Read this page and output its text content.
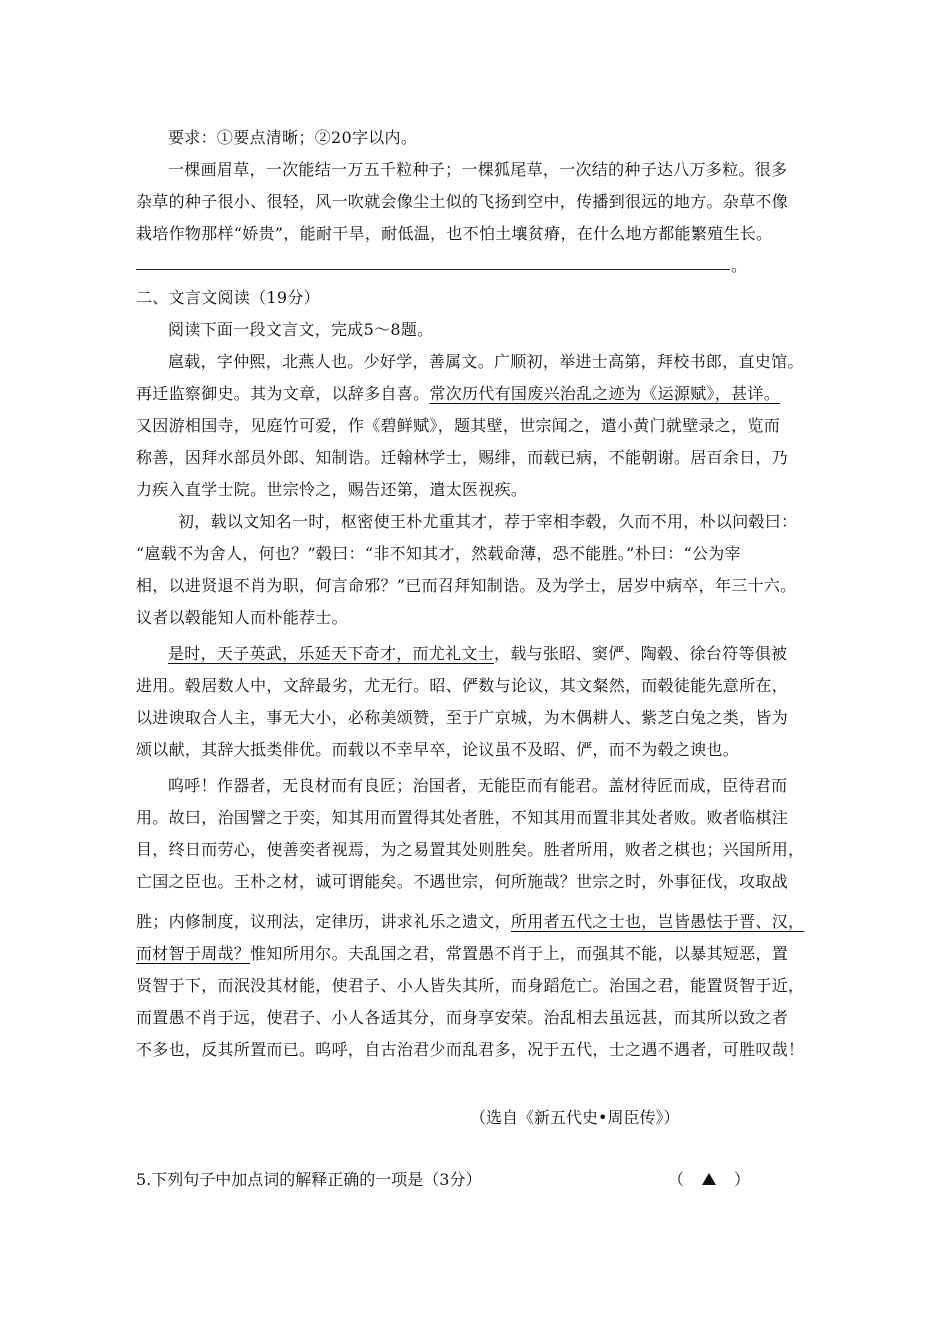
要求：①要点清晰；②20字以内。
一棵画眉草，一次能结一万五千粒种子；一棵狐尾草，一次结的种子达八万多粒。很多
杂草的种子很小、很轻，风一吹就会像尘土似的飞扬到空中，传播到很远的地方。杂草不像
栽培作物那样“娇贵”，能耐干旱，耐低温，也不怕土壤贫瘠，在什么地方都能繁殖生长。
。
二、文言文阅读（19分）
阅读下面一段文言文，完成5～8题。
扈载，字仲熙，北燕人也。少好学，善属文。广顺初，举进士高第，拜校书郎，直史馆。
再迁监察御史。其为文章，以辞多自喜。常次历代有国废兴治乱之迹为《运源赋》，甚详。
又因游相国寺，见庭竹可爱，作《碧鲜赋》，题其壁，世宗闻之，遣小黄门就壁录之，览而
称善，因拜水部员外郎、知制诰。迁翰林学士，赐绯，而载已病，不能朝谢。居百余日，乃
力疾入直学士院。世宗怜之，赐告还第，遣太医视疾。
初，载以文知名一时，枢密使王朴尤重其才，荐于宰相李毂，久而不用，朴以问毂曰：
“扈载不为舍人，何也？”毂曰：“非不知其才，然载命薄，恐不能胜。”朴曰：“公为宰
相，以进贤退不肖为职，何言命邪？”已而召拜知制诰。及为学士，居岁中病卒，年三十六。
议者以毂能知人而朴能荐士。
是时，天子英武，乐延天下奇才，而尤礼文士，载与张昭、窦俨、陶毂、徐台符等俱被
进用。毂居数人中，文辞最劣，尤无行。昭、俨数与论议，其文粲然，而毂徒能先意所在，
以进谀取合人主，事无大小，必称美颂赞，至于广京城，为木偶耕人、紫芝白兔之类，皆为
颂以献，其辞大抵类俳优。而载以不幸早卒，论议虽不及昭、俨，而不为毂之谀也。
呜呼！作器者，无良材而有良匠；治国者，无能臣而有能君。盖材待匠而成，臣待君而
用。故曰，治国譬之于奕，知其用而置得其处者胜，不知其用而置非其处者败。败者临棋注
目，终日而劳心，使善奕者视焉，为之易置其处则胜矣。胜者所用，败者之棋也；兴国所用，
亡国之臣也。王朴之材，诚可谓能矣。不遇世宗，何所施哉？世宗之时，外事征伐，攻取战
胜；内修制度，议刑法，定律历，讲求礼乐之遗文，所用者五代之士也，岂皆愚怯于晋、汉，
而材智于周哉？惟知所用尔。夫乱国之君，常置愚不肖于上，而强其不能，以暴其短恶，置
贤智于下，而泯没其材能，使君子、小人皆失其所，而身蹈危亡。治国之君，能置贤智于近，
而置愚不肖于远，使君子、小人各适其分，而身享安荣。治乱相去虽远甚，而其所以致之者
不多也，反其所置而已。呜呼，自古治君少而乱君多，况于五代，士之遇不遇者，可胜叹哉！
（选自《新五代史•周臣传》）
5.下列句子中加点词的解释正确的一项是（3分）	（	）
